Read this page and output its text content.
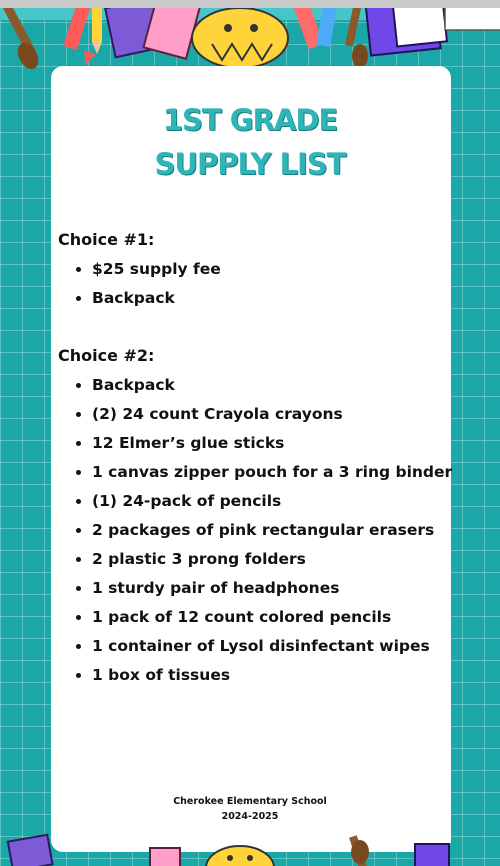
1ST GRADE
SUPPLY LIST
Choice #1:
• $25 supply fee
• Backpack
Choice #2:
• Backpack
• (2) 24 count Crayola crayons
• 12 Elmer’s glue sticks
• 1 canvas zipper pouch for a 3 ring binder
• (1) 24-pack of pencils
• 2 packages of pink rectangular erasers
• 2 plastic 3 prong folders
• 1 sturdy pair of headphones
• 1 pack of 12 count colored pencils
• 1 container of Lysol disinfectant wipes
• 1 box of tissues
Cherokee Elementary School
2024-2025
